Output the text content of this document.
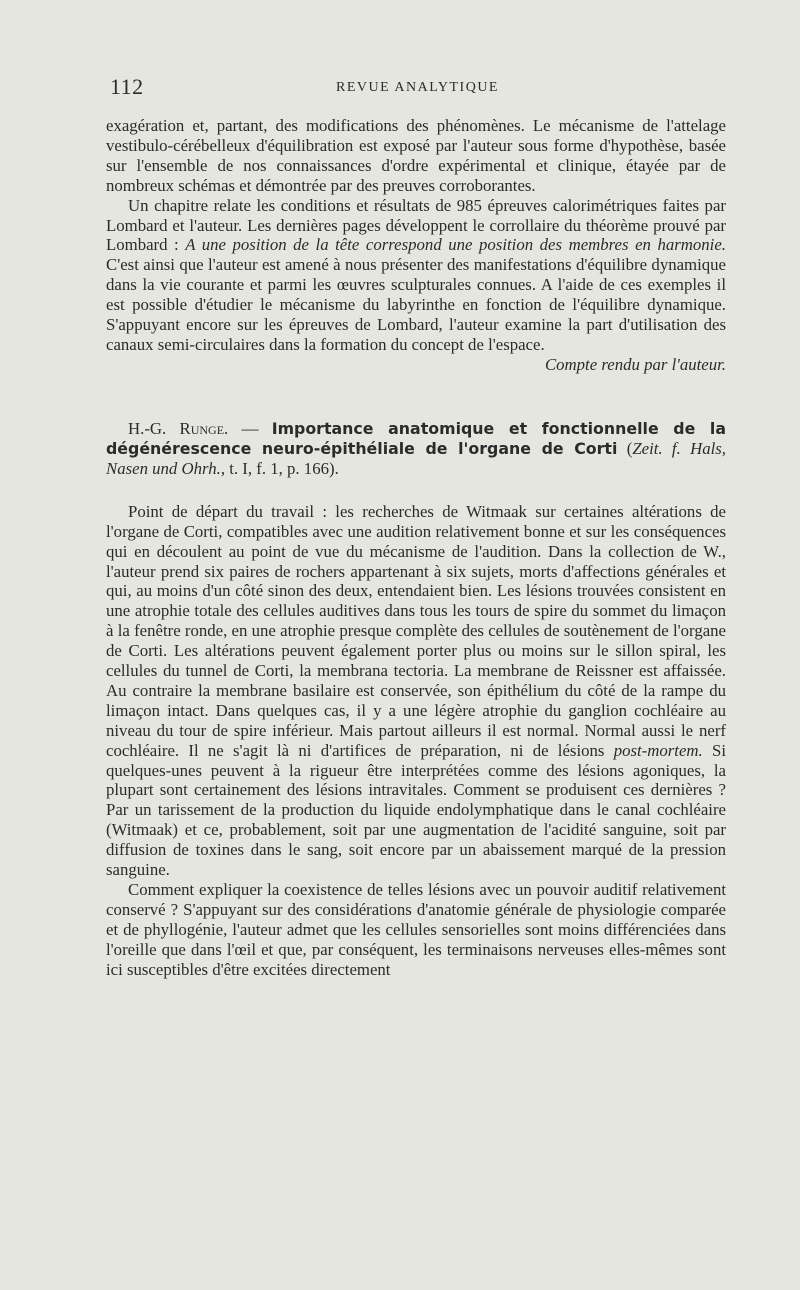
112	REVUE ANALYTIQUE

exagération et, partant, des modifications des phénomènes. Le mécanisme de l'attelage vestibulo-cérébelleux d'équilibration est exposé par l'auteur sous forme d'hypothèse, basée sur l'ensemble de nos connaissances d'ordre expérimental et clinique, étayée par de nombreux schémas et démontrée par des preuves corroborantes.

Un chapitre relate les conditions et résultats de 985 épreuves calorimétriques faites par Lombard et l'auteur. Les dernières pages développent le corrollaire du théorème prouvé par Lombard : A une position de la tête correspond une position des membres en harmonie. C'est ainsi que l'auteur est amené à nous présenter des manifestations d'équilibre dynamique dans la vie courante et parmi les œuvres sculpturales connues. A l'aide de ces exemples il est possible d'étudier le mécanisme du labyrinthe en fonction de l'équilibre dynamique. S'appuyant encore sur les épreuves de Lombard, l'auteur examine la part d'utilisation des canaux semi-circulaires dans la formation du concept de l'espace.
Compte rendu par l'auteur.

H.-G. Runge. — Importance anatomique et fonctionnelle de la dégénérescence neuro-épithéliale de l'organe de Corti (Zeit. f. Hals, Nasen und Ohrh., t. I, f. 1, p. 166).

Point de départ du travail : les recherches de Witmaak sur certaines altérations de l'organe de Corti, compatibles avec une audition relativement bonne et sur les conséquences qui en découlent au point de vue du mécanisme de l'audition. Dans la collection de W., l'auteur prend six paires de rochers appartenant à six sujets, morts d'affections générales et qui, au moins d'un côté sinon des deux, entendaient bien. Les lésions trouvées consistent en une atrophie totale des cellules auditives dans tous les tours de spire du sommet du limaçon à la fenêtre ronde, en une atrophie presque complète des cellules de soutènement de l'organe de Corti. Les altérations peuvent également porter plus ou moins sur le sillon spiral, les cellules du tunnel de Corti, la membrana tectoria. La membrane de Reissner est affaissée. Au contraire la membrane basilaire est conservée, son épithélium du côté de la rampe du limaçon intact. Dans quelques cas, il y a une légère atrophie du ganglion cochléaire au niveau du tour de spire inférieur. Mais partout ailleurs il est normal. Normal aussi le nerf cochléaire. Il ne s'agit là ni d'artifices de préparation, ni de lésions post-mortem. Si quelques-unes peuvent à la rigueur être interprétées comme des lésions agoniques, la plupart sont certainement des lésions intravitales. Comment se produisent ces dernières ? Par un tarissement de la production du liquide endolymphatique dans le canal cochléaire (Witmaak) et ce, probablement, soit par une augmentation de l'acidité sanguine, soit par diffusion de toxines dans le sang, soit encore par un abaissement marqué de la pression sanguine.

Comment expliquer la coexistence de telles lésions avec un pouvoir auditif relativement conservé ? S'appuyant sur des considérations d'anatomie générale de physiologie comparée et de phyllogénie, l'auteur admet que les cellules sensorielles sont moins différenciées dans l'oreille que dans l'œil et que, par conséquent, les terminaisons nerveuses elles-mêmes sont ici susceptibles d'être excitées directement
